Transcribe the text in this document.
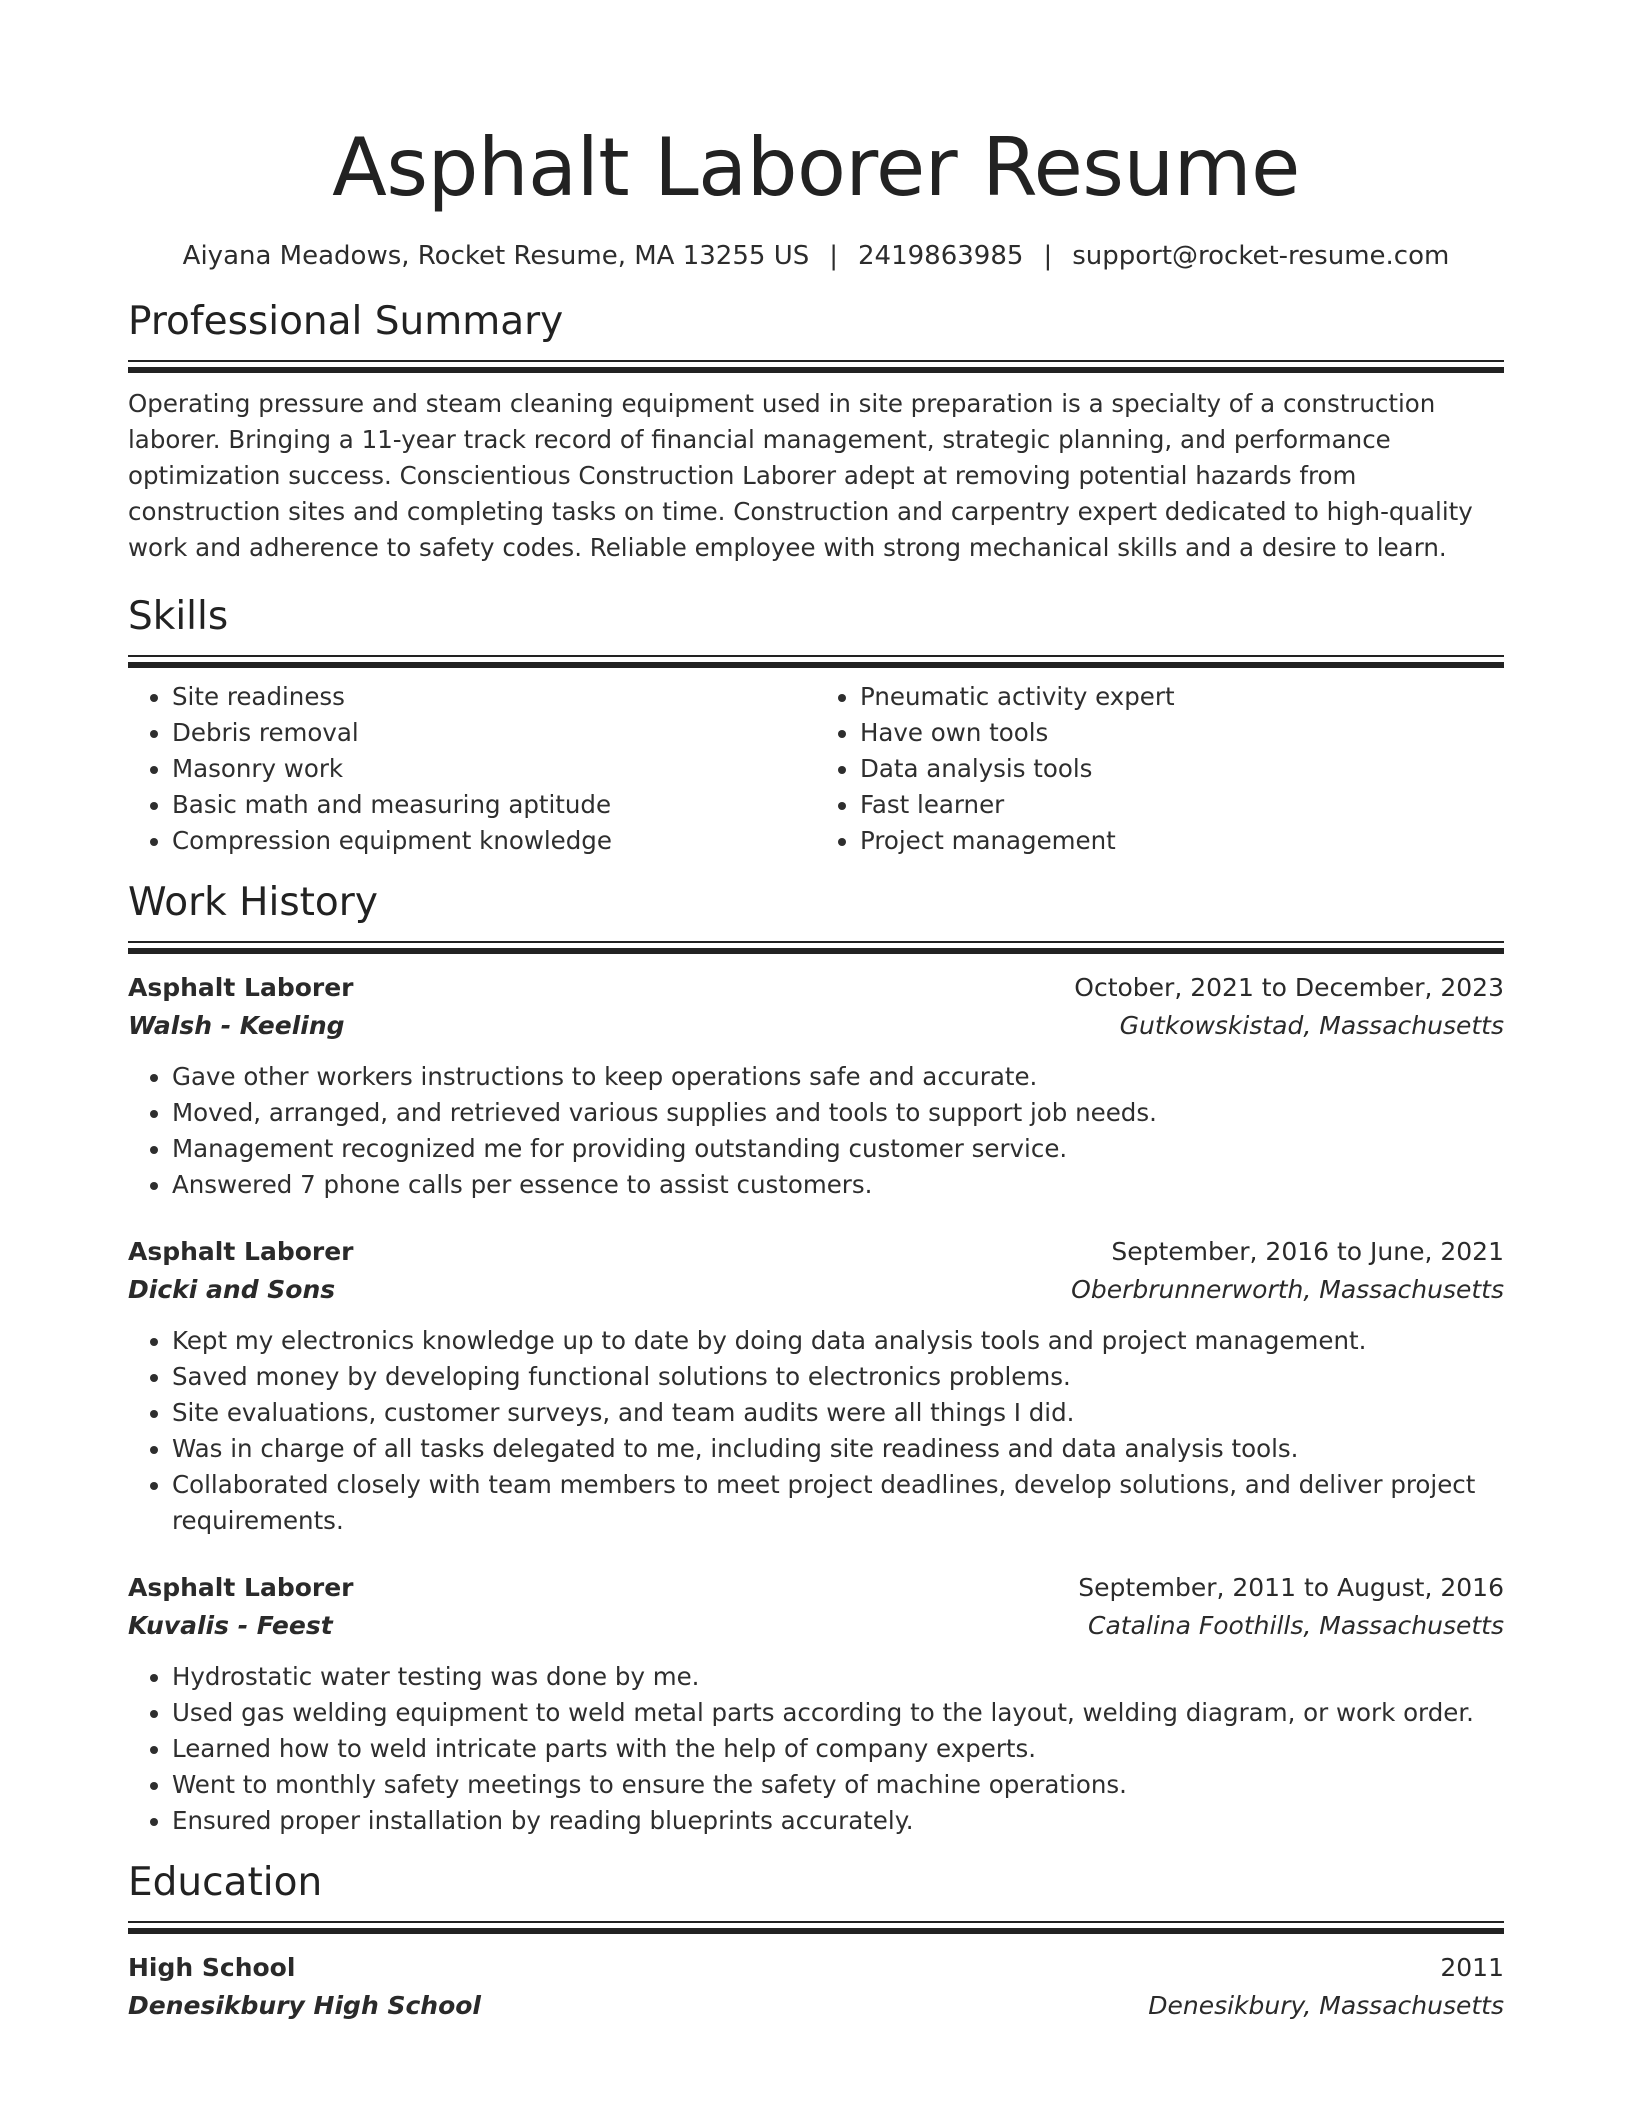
Asphalt Laborer Resume
Aiyana Meadows, Rocket Resume, MA 13255 US | 2419863985 | support@rocket-resume.com
Professional Summary

Operating pressure and steam cleaning equipment used in site preparation is a specialty of a construction laborer. Bringing a 11-year track record of financial management, strategic planning, and performance optimization success. Conscientious Construction Laborer adept at removing potential hazards from construction sites and completing tasks on time. Construction and carpentry expert dedicated to high-quality work and adherence to safety codes. Reliable employee with strong mechanical skills and a desire to learn.

Skills
• Site readiness
• Debris removal
• Masonry work
• Basic math and measuring aptitude
• Compression equipment knowledge
• Pneumatic activity expert
• Have own tools
• Data analysis tools
• Fast learner
• Project management
Work History
Asphalt Laborer	October, 2021 to December, 2023
Walsh - Keeling	Gutkowskistad, Massachusetts
• Gave other workers instructions to keep operations safe and accurate.
• Moved, arranged, and retrieved various supplies and tools to support job needs.
• Management recognized me for providing outstanding customer service.
• Answered 7 phone calls per essence to assist customers.
Asphalt Laborer	September, 2016 to June, 2021
Dicki and Sons	Oberbrunnerworth, Massachusetts
• Kept my electronics knowledge up to date by doing data analysis tools and project management.
• Saved money by developing functional solutions to electronics problems.
• Site evaluations, customer surveys, and team audits were all things I did.
• Was in charge of all tasks delegated to me, including site readiness and data analysis tools.
• Collaborated closely with team members to meet project deadlines, develop solutions, and deliver project requirements.
Asphalt Laborer	September, 2011 to August, 2016
Kuvalis - Feest	Catalina Foothills, Massachusetts
• Hydrostatic water testing was done by me.
• Used gas welding equipment to weld metal parts according to the layout, welding diagram, or work order.
• Learned how to weld intricate parts with the help of company experts.
• Went to monthly safety meetings to ensure the safety of machine operations.
• Ensured proper installation by reading blueprints accurately.
Education
High School	2011
Denesikbury High School	Denesikbury, Massachusetts
